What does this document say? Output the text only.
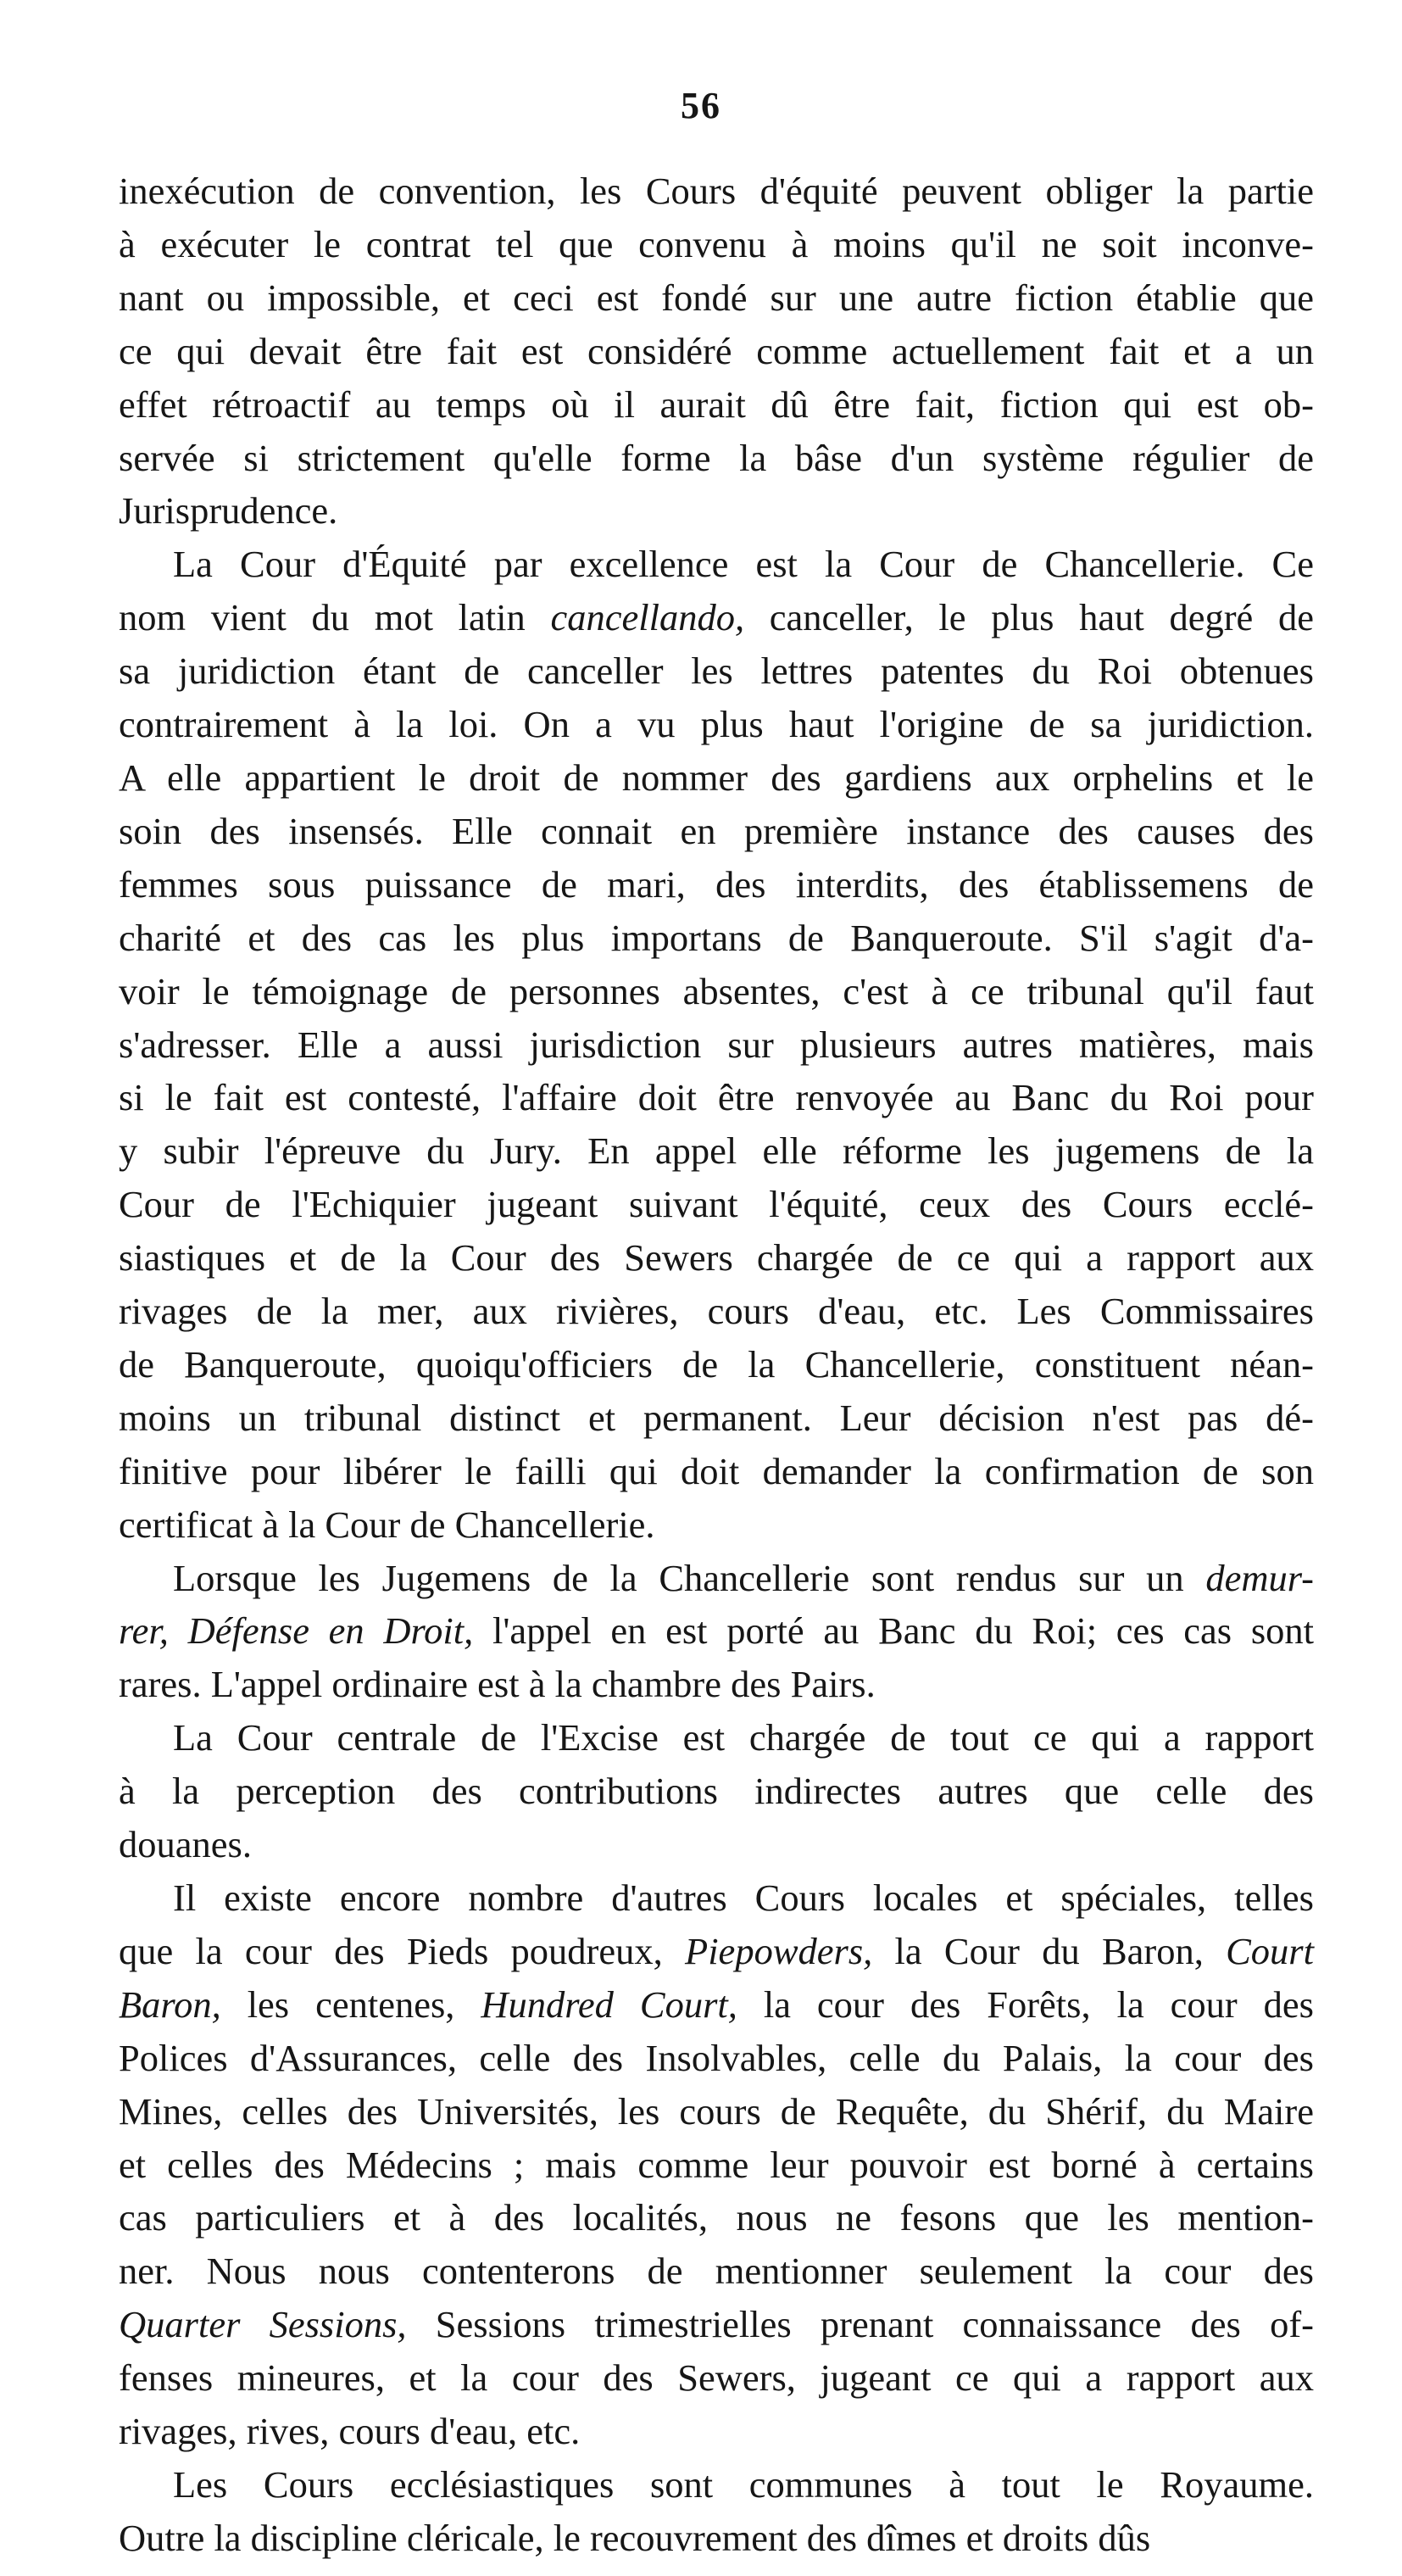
56
inexécution de convention, les Cours d'équité peuvent obliger la partie
à exécuter le contrat tel que convenu à moins qu'il ne soit inconve-
nant ou impossible, et ceci est fondé sur une autre fiction établie que
ce qui devait être fait est considéré comme actuellement fait et a un
effet rétroactif au temps où il aurait dû être fait, fiction qui est ob-
servée si strictement qu'elle forme la bâse d'un système régulier de
Jurisprudence.
La Cour d'Équité par excellence est la Cour de Chancellerie. Ce
nom vient du mot latin cancellando, canceller, le plus haut degré de
sa juridiction étant de canceller les lettres patentes du Roi obtenues
contrairement à la loi. On a vu plus haut l'origine de sa juridiction.
A elle appartient le droit de nommer des gardiens aux orphelins et le
soin des insensés. Elle connait en première instance des causes des
femmes sous puissance de mari, des interdits, des établissemens de
charité et des cas les plus importans de Banqueroute. S'il s'agit d'a-
voir le témoignage de personnes absentes, c'est à ce tribunal qu'il faut
s'adresser. Elle a aussi jurisdiction sur plusieurs autres matières, mais
si le fait est contesté, l'affaire doit être renvoyée au Banc du Roi pour
y subir l'épreuve du Jury. En appel elle réforme les jugemens de la
Cour de l'Echiquier jugeant suivant l'équité, ceux des Cours ecclé-
siastiques et de la Cour des Sewers chargée de ce qui a rapport aux
rivages de la mer, aux rivières, cours d'eau, etc. Les Commissaires
de Banqueroute, quoiqu'officiers de la Chancellerie, constituent néan-
moins un tribunal distinct et permanent. Leur décision n'est pas dé-
finitive pour libérer le failli qui doit demander la confirmation de son
certificat à la Cour de Chancellerie.
Lorsque les Jugemens de la Chancellerie sont rendus sur un demur-
rer, Défense en Droit, l'appel en est porté au Banc du Roi; ces cas sont
rares. L'appel ordinaire est à la chambre des Pairs.
La Cour centrale de l'Excise est chargée de tout ce qui a rapport
à la perception des contributions indirectes autres que celle des
douanes.
Il existe encore nombre d'autres Cours locales et spéciales, telles
que la cour des Pieds poudreux, Piepowders, la Cour du Baron, Court
Baron, les centenes, Hundred Court, la cour des Forêts, la cour des
Polices d'Assurances, celle des Insolvables, celle du Palais, la cour des
Mines, celles des Universités, les cours de Requête, du Shérif, du Maire
et celles des Médecins ; mais comme leur pouvoir est borné à certains
cas particuliers et à des localités, nous ne fesons que les mention-
ner. Nous nous contenterons de mentionner seulement la cour des
Quarter Sessions, Sessions trimestrielles prenant connaissance des of-
fenses mineures, et la cour des Sewers, jugeant ce qui a rapport aux
rivages, rives, cours d'eau, etc.
Les Cours ecclésiastiques sont communes à tout le Royaume.
Outre la discipline cléricale, le recouvrement des dîmes et droits dûs
